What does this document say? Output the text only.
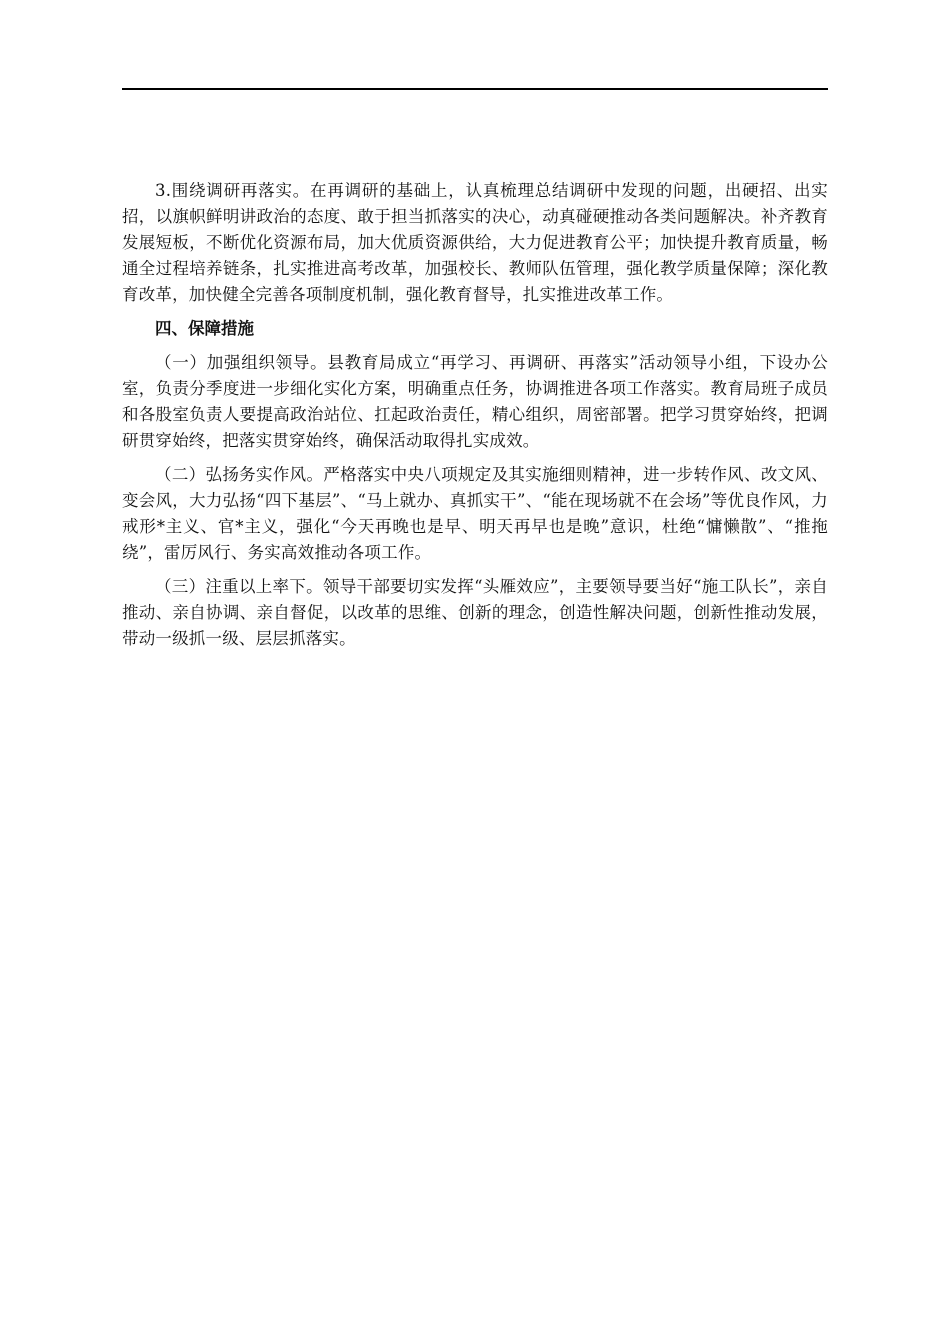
3.围绕调研再落实。在再调研的基础上，认真梳理总结调研中发现的问题，出硬招、出实招，以旗帜鲜明讲政治的态度、敢于担当抓落实的决心，动真碰硬推动各类问题解决。补齐教育发展短板，不断优化资源布局，加大优质资源供给，大力促进教育公平；加快提升教育质量，畅通全过程培养链条，扎实推进高考改革，加强校长、教师队伍管理，强化教学质量保障；深化教育改革，加快健全完善各项制度机制，强化教育督导，扎实推进改革工作。

四、保障措施

（一）加强组织领导。县教育局成立“再学习、再调研、再落实”活动领导小组，下设办公室，负责分季度进一步细化实化方案，明确重点任务，协调推进各项工作落实。教育局班子成员和各股室负责人要提高政治站位、扛起政治责任，精心组织，周密部署。把学习贯穿始终，把调研贯穿始终，把落实贯穿始终，确保活动取得扎实成效。

（二）弘扬务实作风。严格落实中央八项规定及其实施细则精神，进一步转作风、改文风、变会风，大力弘扬“四下基层”、“马上就办、真抓实干”、“能在现场就不在会场”等优良作风，力戒形*主义、官*主义，强化“今天再晚也是早、明天再早也是晚”意识，杜绝“慵懒散”、“推拖绕”，雷厉风行、务实高效推动各项工作。

（三）注重以上率下。领导干部要切实发挥“头雁效应”，主要领导要当好“施工队长”，亲自推动、亲自协调、亲自督促，以改革的思维、创新的理念，创造性解决问题，创新性推动发展，带动一级抓一级、层层抓落实。
